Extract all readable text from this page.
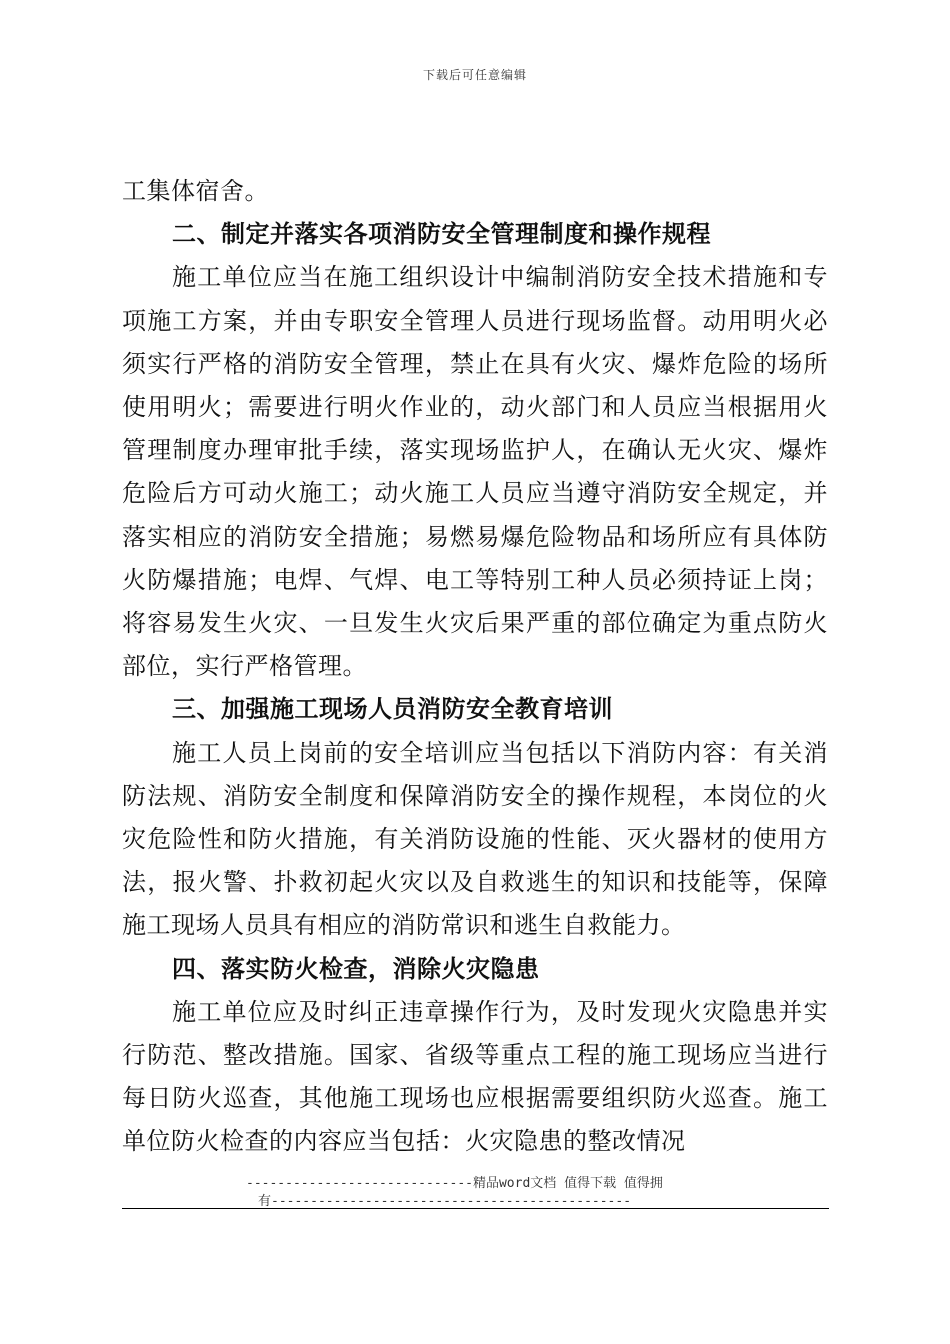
下载后可任意编辑

工集体宿舍。

二、制定并落实各项消防安全管理制度和操作规程

施工单位应当在施工组织设计中编制消防安全技术措施和专项施工方案，并由专职安全管理人员进行现场监督。动用明火必须实行严格的消防安全管理，禁止在具有火灾、爆炸危险的场所使用明火；需要进行明火作业的，动火部门和人员应当根据用火管理制度办理审批手续，落实现场监护人，在确认无火灾、爆炸危险后方可动火施工；动火施工人员应当遵守消防安全规定，并落实相应的消防安全措施；易燃易爆危险物品和场所应有具体防火防爆措施；电焊、气焊、电工等特别工种人员必须持证上岗；将容易发生火灾、一旦发生火灾后果严重的部位确定为重点防火部位，实行严格管理。

三、加强施工现场人员消防安全教育培训

施工人员上岗前的安全培训应当包括以下消防内容：有关消防法规、消防安全制度和保障消防安全的操作规程，本岗位的火灾危险性和防火措施，有关消防设施的性能、灭火器材的使用方法，报火警、扑救初起火灾以及自救逃生的知识和技能等，保障施工现场人员具有相应的消防常识和逃生自救能力。

四、落实防火检查，消除火灾隐患

施工单位应及时纠正违章操作行为，及时发现火灾隐患并实行防范、整改措施。国家、省级等重点工程的施工现场应当进行每日防火巡查，其他施工现场也应根据需要组织防火巡查。施工单位防火检查的内容应当包括：火灾隐患的整改情况

-----------------------------精品word文档 值得下载 值得拥
有----------------------------------------------
